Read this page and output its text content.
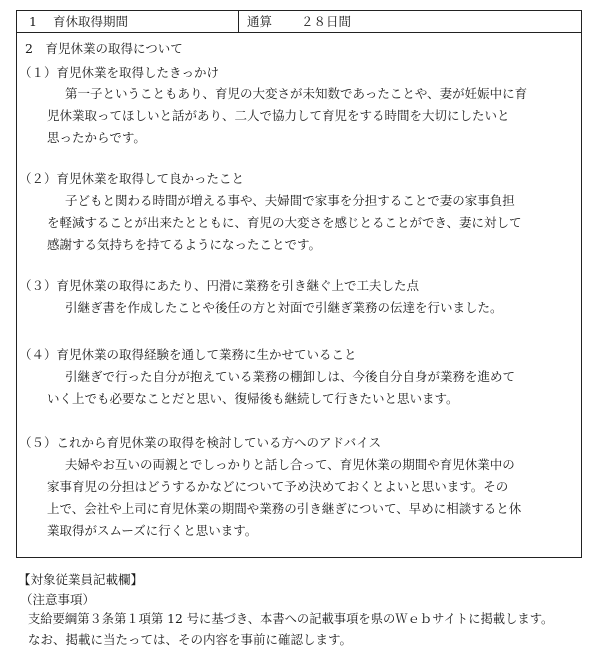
1 育休取得期間	通算 ２８日間
2　育児休業の取得について
（１）育児休業を取得したきっかけ
第一子ということもあり、育児の大変さが未知数であったことや、妻が妊娠中に育
児休業取ってほしいと話があり、二人で協力して育児をする時間を大切にしたいと
思ったからです。
（２）育児休業を取得して良かったこと
子どもと関わる時間が増える事や、夫婦間で家事を分担することで妻の家事負担
を軽減することが出来たとともに、育児の大変さを感じとることができ、妻に対して
感謝する気持ちを持てるようになったことです。
（３）育児休業の取得にあたり、円滑に業務を引き継ぐ上で工夫した点
引継ぎ書を作成したことや後任の方と対面で引継ぎ業務の伝達を行いました。
（４）育児休業の取得経験を通して業務に生かせていること
引継ぎで行った自分が抱えている業務の棚卸しは、今後自分自身が業務を進めて
いく上でも必要なことだと思い、復帰後も継続して行きたいと思います。
（５）これから育児休業の取得を検討している方へのアドバイス
夫婦やお互いの両親とでしっかりと話し合って、育児休業の期間や育児休業中の
家事育児の分担はどうするかなどについて予め決めておくとよいと思います。その
上で、会社や上司に育児休業の期間や業務の引き継ぎについて、早めに相談すると休
業取得がスムーズに行くと思います。
【対象従業員記載欄】
（注意事項）
支給要綱第３条第１項第 12 号に基づき、本書への記載事項を県のＷｅｂサイトに掲載します。
なお、掲載に当たっては、その内容を事前に確認します。
